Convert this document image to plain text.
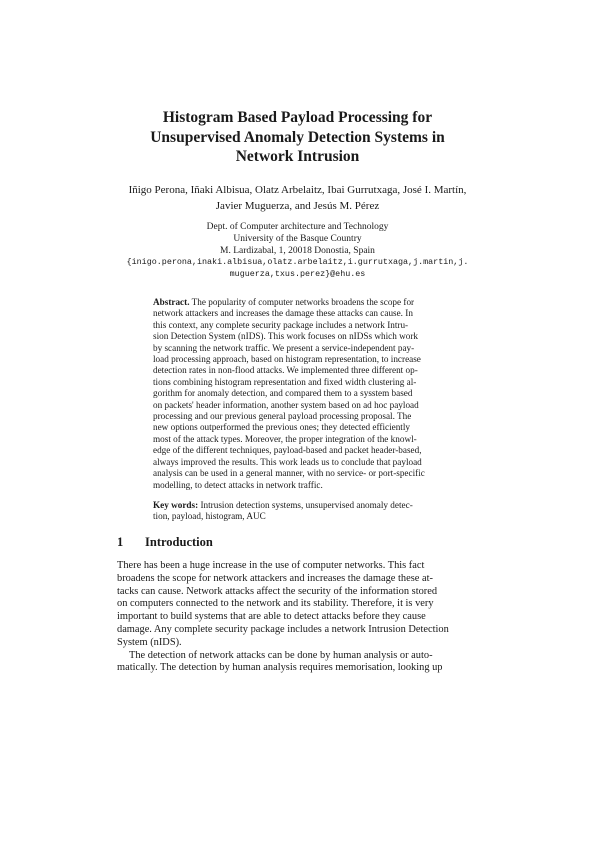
Histogram Based Payload Processing for
Unsupervised Anomaly Detection Systems in
Network Intrusion
Iñigo Perona, Iñaki Albisua, Olatz Arbelaitz, Ibai Gurrutxaga, José I. Martín,
Javier Muguerza, and Jesús M. Pérez
Dept. of Computer architecture and Technology
University of the Basque Country
M. Lardizabal, 1, 20018 Donostia, Spain
{inigo.perona,inaki.albisua,olatz.arbelaitz,i.gurrutxaga,j.martin,j.
muguerza,txus.perez}@ehu.es
Abstract. The popularity of computer networks broadens the scope for
network attackers and increases the damage these attacks can cause. In
this context, any complete security package includes a network Intru-
sion Detection System (nIDS). This work focuses on nIDSs which work
by scanning the network traffic. We present a service-independent pay-
load processing approach, based on histogram representation, to increase
detection rates in non-flood attacks. We implemented three different op-
tions combining histogram representation and fixed width clustering al-
gorithm for anomaly detection, and compared them to a sysstem based
on packets' header information, another system based on ad hoc payload
processing and our previous general payload processing proposal. The
new options outperformed the previous ones; they detected efficiently
most of the attack types. Moreover, the proper integration of the knowl-
edge of the different techniques, payload-based and packet header-based,
always improved the results. This work leads us to conclude that payload
analysis can be used in a general manner, with no service- or port-specific
modelling, to detect attacks in network traffic.
Key words: Intrusion detection systems, unsupervised anomaly detec-
tion, payload, histogram, AUC
1 Introduction
There has been a huge increase in the use of computer networks. This fact
broadens the scope for network attackers and increases the damage these at-
tacks can cause. Network attacks affect the security of the information stored
on computers connected to the network and its stability. Therefore, it is very
important to build systems that are able to detect attacks before they cause
damage. Any complete security package includes a network Intrusion Detection
System (nIDS).
The detection of network attacks can be done by human analysis or auto-
matically. The detection by human analysis requires memorisation, looking up
